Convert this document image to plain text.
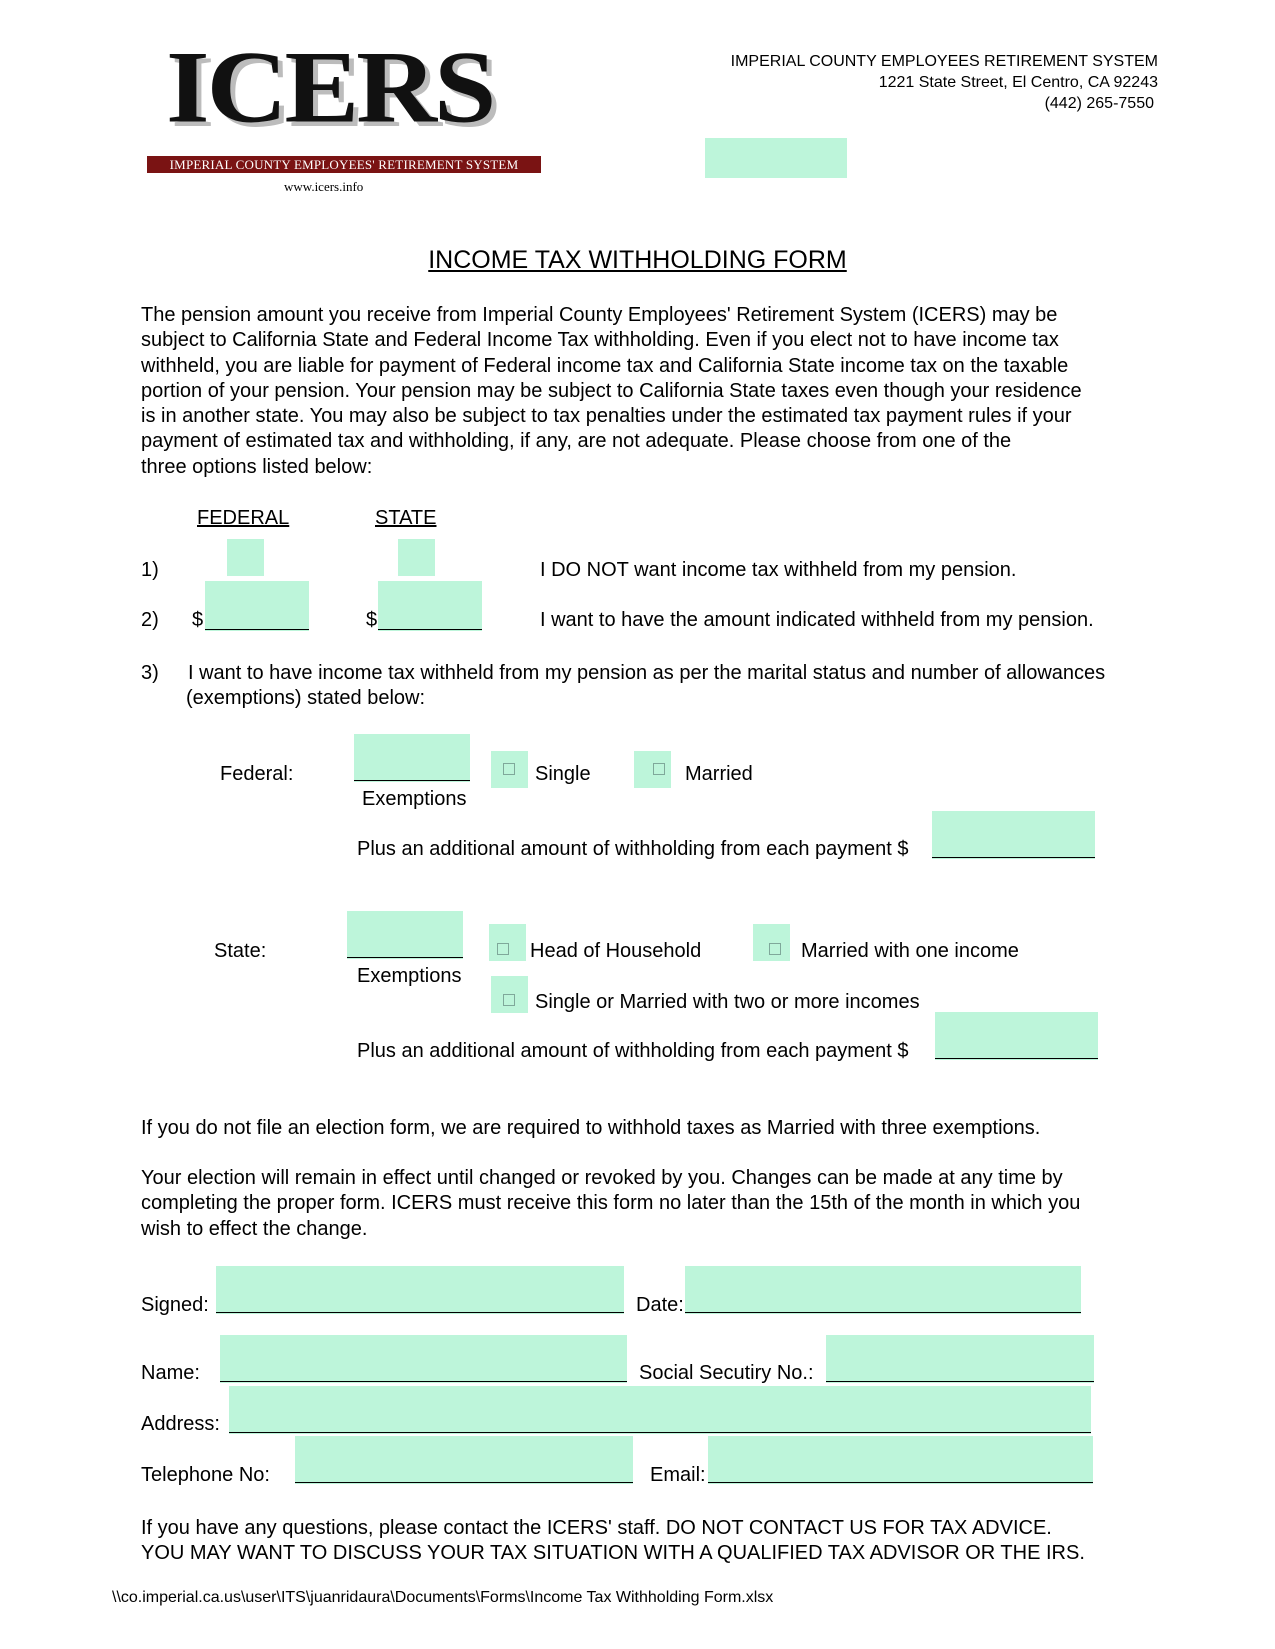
ICERS
IMPERIAL COUNTY EMPLOYEES' RETIREMENT SYSTEM
www.icers.info
IMPERIAL COUNTY EMPLOYEES RETIREMENT SYSTEM
1221 State Street, El Centro, CA 92243
(442) 265-7550
INCOME TAX WITHHOLDING FORM
The pension amount you receive from Imperial County Employees' Retirement System (ICERS) may be
subject to California State and Federal Income Tax withholding. Even if you elect not to have income tax
withheld, you are liable for payment of Federal income tax and California State income tax on the taxable
portion of your pension. Your pension may be subject to California State taxes even though your residence
is in another state. You may also be subject to tax penalties under the estimated tax payment rules if your
payment of estimated tax and withholding, if any, are not adequate. Please choose from one of the
three options listed below:
FEDERAL	STATE
1)	I DO NOT want income tax withheld from my pension.
2) $	$	I want to have the amount indicated withheld from my pension.
3) I want to have income tax withheld from my pension as per the marital status and number of allowances
(exemptions) stated below:
Federal:
Exemptions
Single	Married
Plus an additional amount of withholding from each payment $
State:
Exemptions
Head of Household	Married with one income
Single or Married with two or more incomes
Plus an additional amount of withholding from each payment $
If you do not file an election form, we are required to withhold taxes as Married with three exemptions.
Your election will remain in effect until changed or revoked by you. Changes can be made at any time by
completing the proper form. ICERS must receive this form no later than the 15th of the month in which you
wish to effect the change.
Signed:	Date:
Name:	Social Secutiry No.:
Address:
Telephone No:	Email:
If you have any questions, please contact the ICERS' staff. DO NOT CONTACT US FOR TAX ADVICE.
YOU MAY WANT TO DISCUSS YOUR TAX SITUATION WITH A QUALIFIED TAX ADVISOR OR THE IRS.
\\co.imperial.ca.us\user\ITS\juanridaura\Documents\Forms\Income Tax Withholding Form.xlsx
